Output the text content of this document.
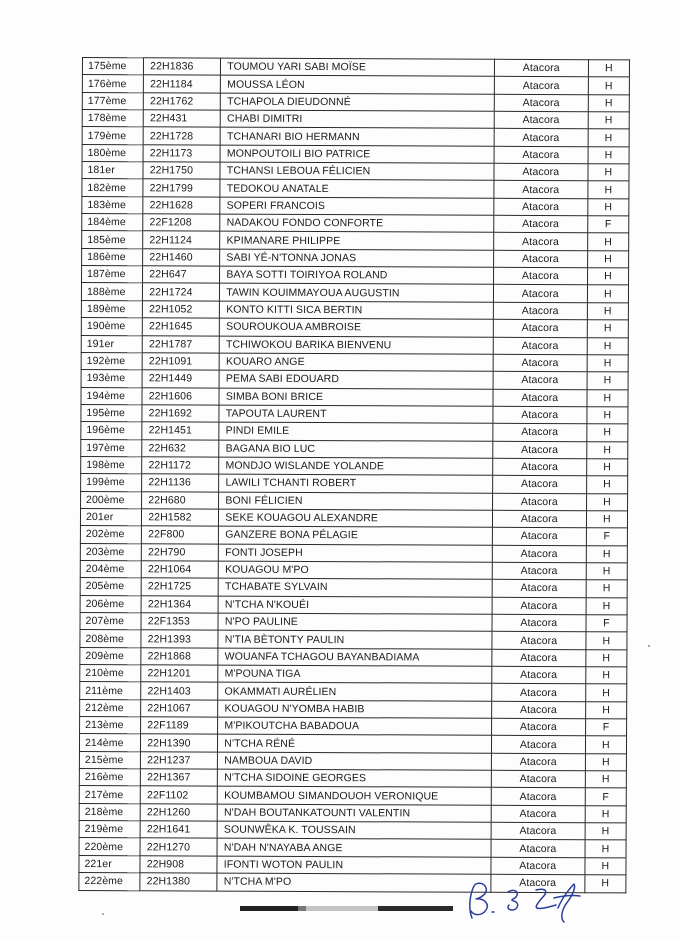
175ème	22H1836	TOUMOU YARI SABI MOÏSE	Atacora	H
176ème	22H1184	MOUSSA LÉON	Atacora	H
177ème	22H1762	TCHAPOLA DIEUDONNÉ	Atacora	H
178ème	22H431	CHABI DIMITRI	Atacora	H
179ème	22H1728	TCHANARI BIO HERMANN	Atacora	H
180ème	22H1173	MONPOUTOILI BIO PATRICE	Atacora	H
181er	22H1750	TCHANSI LEBOUA FÉLICIEN	Atacora	H
182ème	22H1799	TEDOKOU ANATALE	Atacora	H
183ème	22H1628	SOPERI FRANCOIS	Atacora	H
184ème	22F1208	NADAKOU FONDO CONFORTE	Atacora	F
185ème	22H1124	KPIMANARE PHILIPPE	Atacora	H
186ème	22H1460	SABI YÉ-N'TONNA JONAS	Atacora	H
187ème	22H647	BAYA SOTTI TOIRIYOA ROLAND	Atacora	H
188ème	22H1724	TAWIN KOUIMMAYOUA AUGUSTIN	Atacora	H
189ème	22H1052	KONTO KITTI SICA BERTIN	Atacora	H
190ème	22H1645	SOUROUKOUA AMBROISE	Atacora	H
191er	22H1787	TCHIWOKOU BARIKA BIENVENU	Atacora	H
192ème	22H1091	KOUARO ANGE	Atacora	H
193ème	22H1449	PEMA SABI EDOUARD	Atacora	H
194ème	22H1606	SIMBA BONI BRICE	Atacora	H
195ème	22H1692	TAPOUTA LAURENT	Atacora	H
196ème	22H1451	PINDI EMILE	Atacora	H
197ème	22H632	BAGANA BIO LUC	Atacora	H
198ème	22H1172	MONDJO WISLANDE YOLANDE	Atacora	H
199ème	22H1136	LAWILI TCHANTI ROBERT	Atacora	H
200ème	22H680	BONI FÉLICIEN	Atacora	H
201er	22H1582	SEKE KOUAGOU ALEXANDRE	Atacora	H
202ème	22F800	GANZERE BONA PÉLAGIE	Atacora	F
203ème	22H790	FONTI JOSEPH	Atacora	H
204ème	22H1064	KOUAGOU M'PO	Atacora	H
205ème	22H1725	TCHABATE SYLVAIN	Atacora	H
206ème	22H1364	N'TCHA N'KOUÉI	Atacora	H
207ème	22F1353	N'PO PAULINE	Atacora	F
208ème	22H1393	N'TIA BÈTONTY PAULIN	Atacora	H
209ème	22H1868	WOUANFA TCHAGOU BAYANBADIAMA	Atacora	H
210ème	22H1201	M'POUNA TIGA	Atacora	H
211ème	22H1403	OKAMMATI AURÉLIEN	Atacora	H
212ème	22H1067	KOUAGOU N'YOMBA HABIB	Atacora	H
213ème	22F1189	M'PIKOUTCHA BABADOUA	Atacora	F
214ème	22H1390	N'TCHA RÉNÉ	Atacora	H
215ème	22H1237	NAMBOUA DAVID	Atacora	H
216ème	22H1367	N'TCHA SIDOINE GEORGES	Atacora	H
217ème	22F1102	KOUMBAMOU SIMANDOUOH VERONIQUE	Atacora	F
218ème	22H1260	N'DAH BOUTANKATOUNTI VALENTIN	Atacora	H
219ème	22H1641	SOUNWÊKA K. TOUSSAIN	Atacora	H
220ème	22H1270	N'DAH N'NAYABA ANGE	Atacora	H
221er	22H908	IFONTI WOTON PAULIN	Atacora	H
222ème	22H1380	N'TCHA M'PO	Atacora	H
